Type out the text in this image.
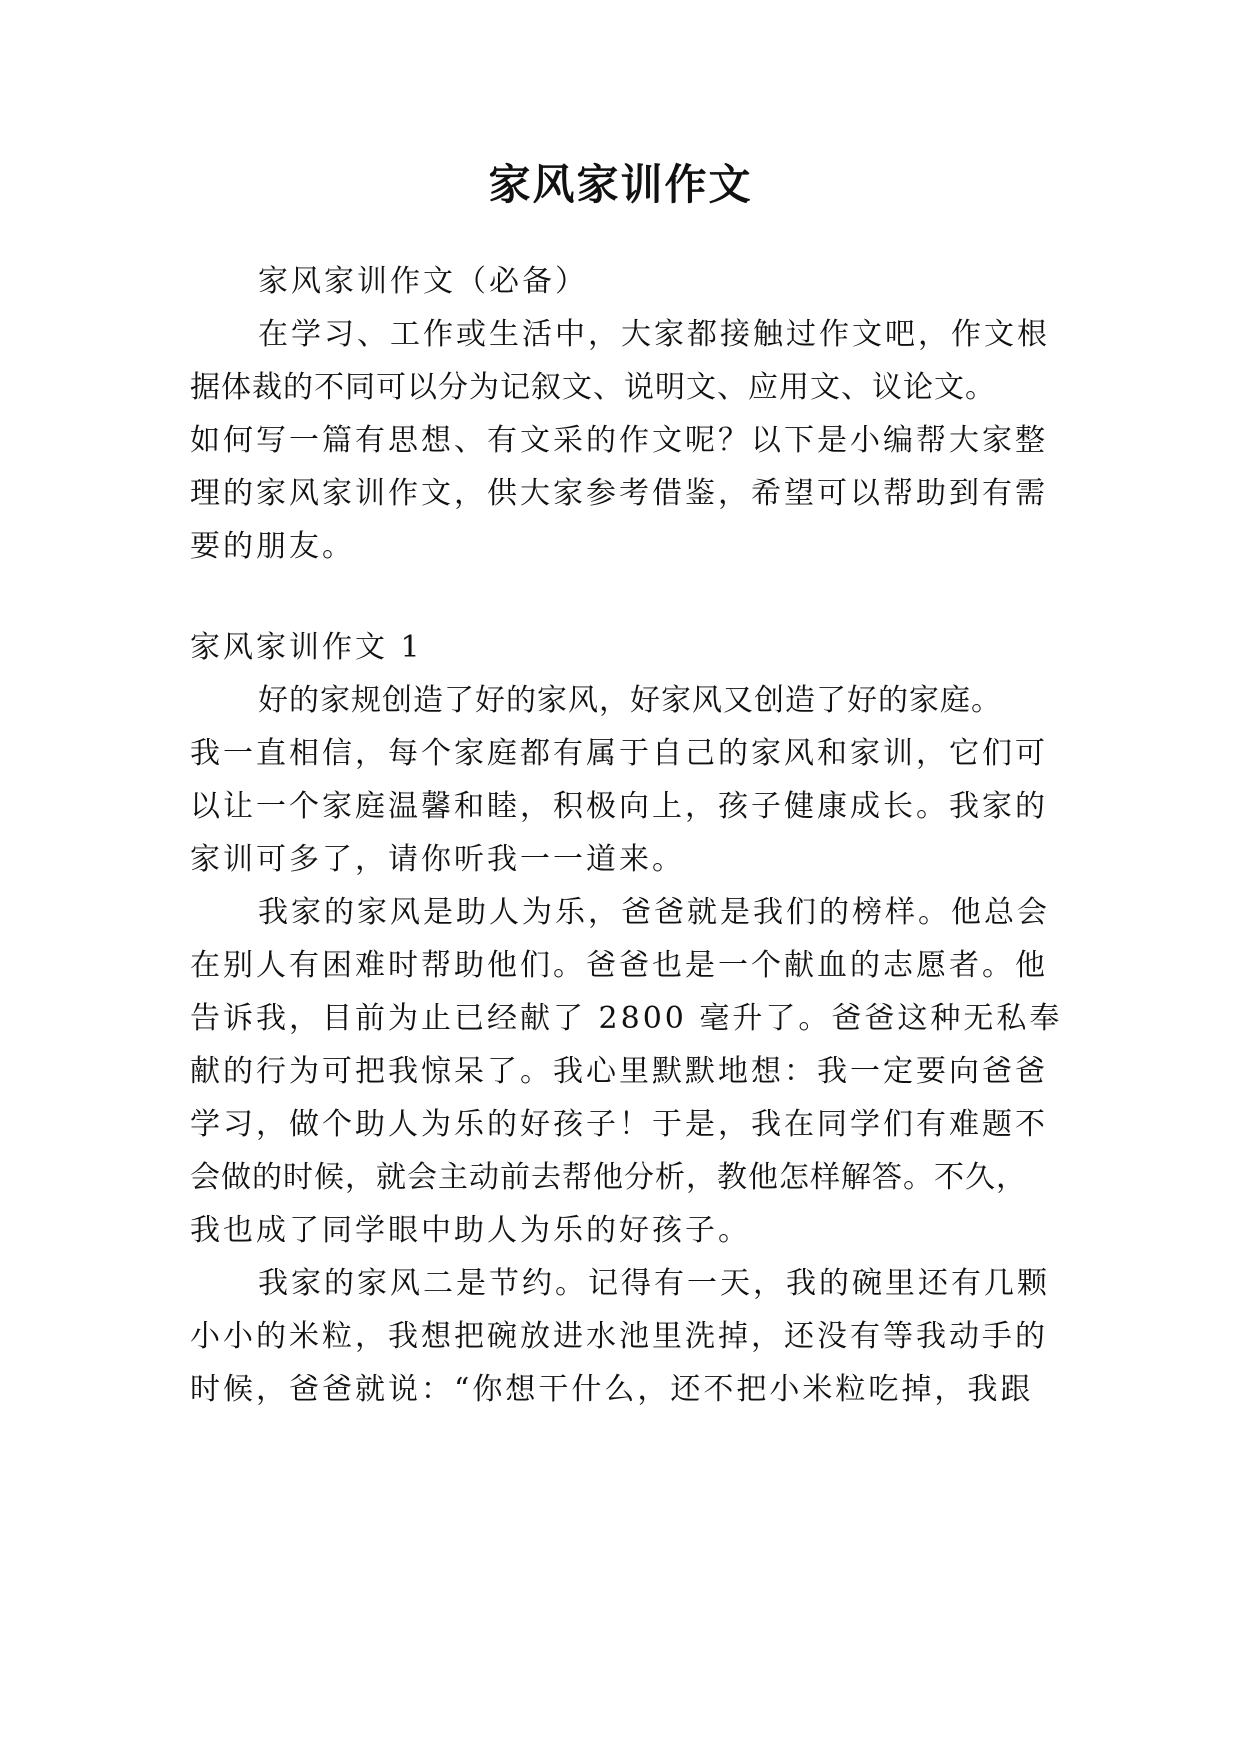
家风家训作文

家风家训作文（必备）

在学习、工作或生活中，大家都接触过作文吧，作文根

据体裁的不同可以分为记叙文、说明文、应用文、议论文。

如何写一篇有思想、有文采的作文呢？以下是小编帮大家整

理的家风家训作文，供大家参考借鉴，希望可以帮助到有需

要的朋友。

家风家训作文 1

好的家规创造了好的家风，好家风又创造了好的家庭。

我一直相信，每个家庭都有属于自己的家风和家训，它们可

以让一个家庭温馨和睦，积极向上，孩子健康成长。我家的

家训可多了，请你听我一一道来。

我家的家风是助人为乐，爸爸就是我们的榜样。他总会

在别人有困难时帮助他们。爸爸也是一个献血的志愿者。他

告诉我，目前为止已经献了 2800 毫升了。爸爸这种无私奉

献的行为可把我惊呆了。我心里默默地想：我一定要向爸爸

学习，做个助人为乐的好孩子！于是，我在同学们有难题不

会做的时候，就会主动前去帮他分析，教他怎样解答。不久，

我也成了同学眼中助人为乐的好孩子。

我家的家风二是节约。记得有一天，我的碗里还有几颗

小小的米粒，我想把碗放进水池里洗掉，还没有等我动手的

时候，爸爸就说：“你想干什么，还不把小米粒吃掉，我跟
